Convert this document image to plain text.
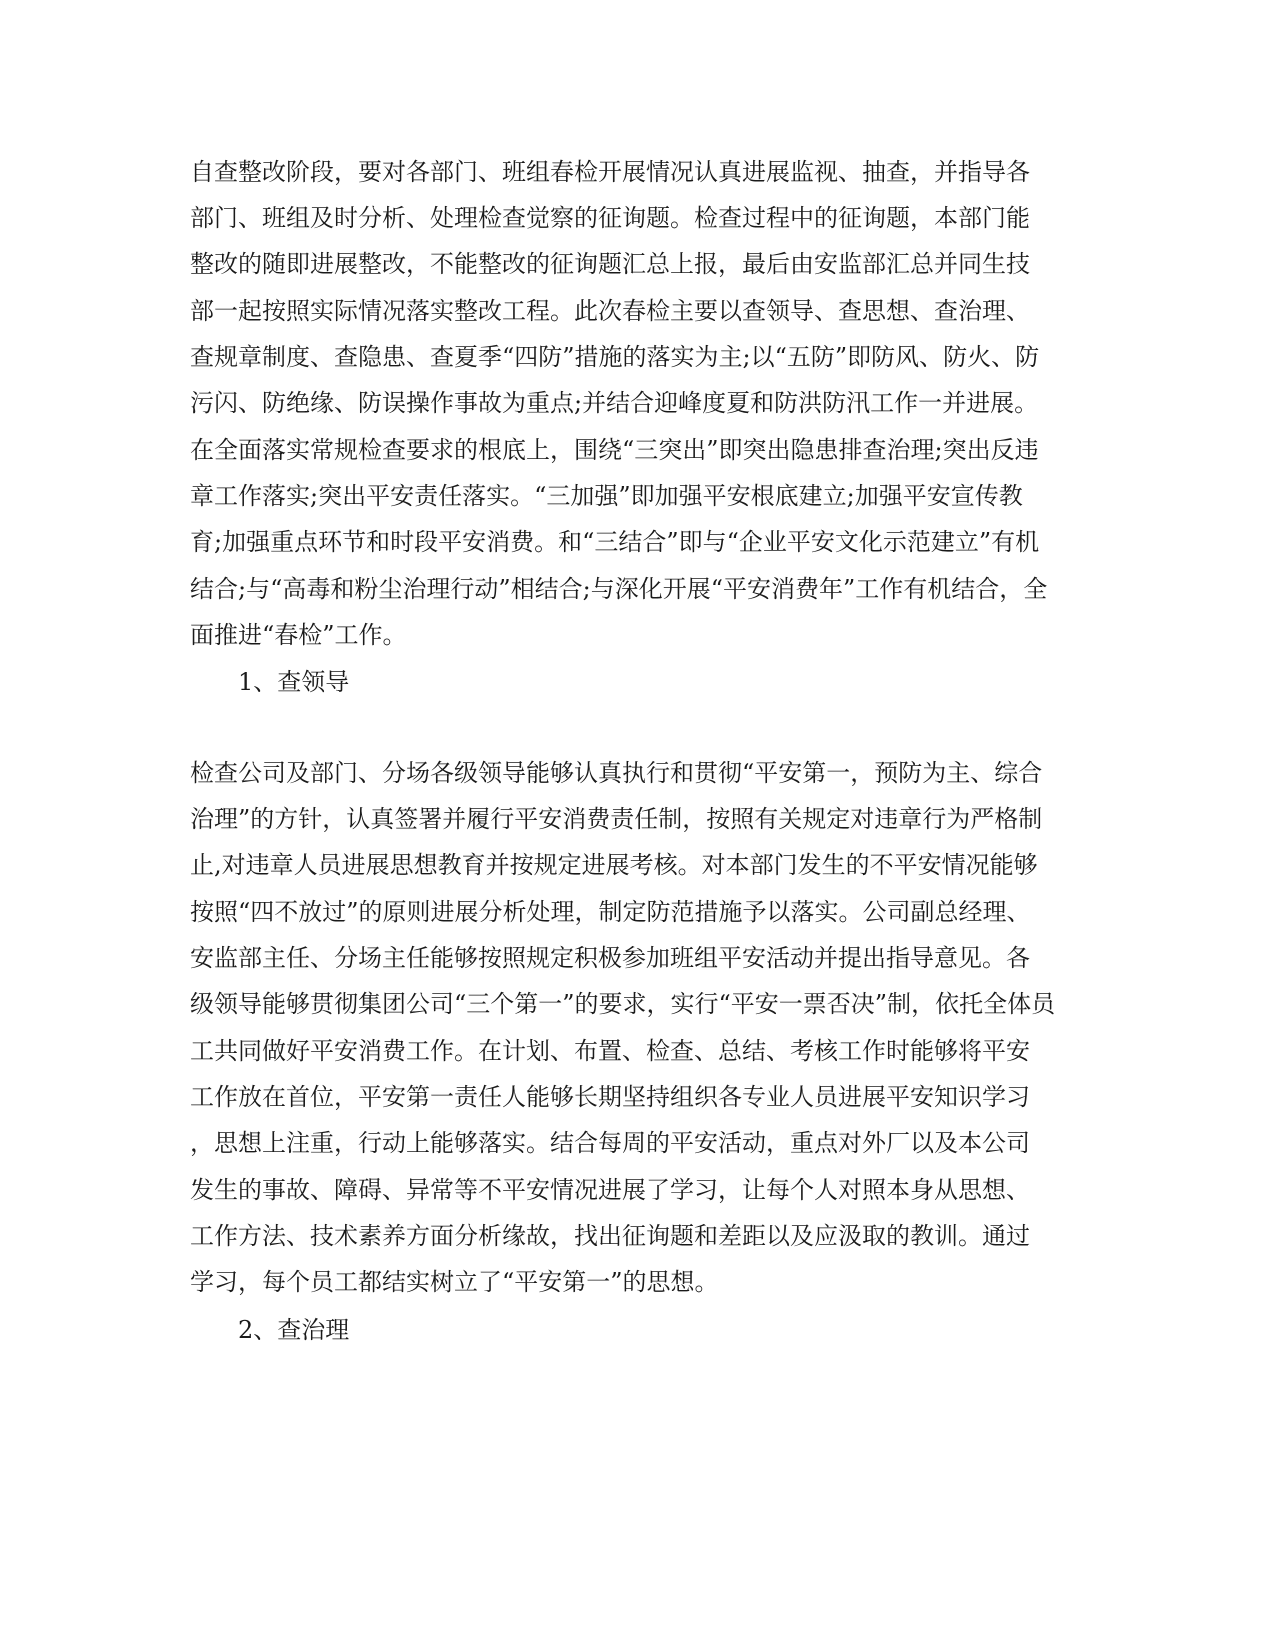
自查整改阶段，要对各部门、班组春检开展情况认真进展监视、抽查，并指导各
部门、班组及时分析、处理检查觉察的征询题。检查过程中的征询题，本部门能
整改的随即进展整改，不能整改的征询题汇总上报，最后由安监部汇总并同生技
部一起按照实际情况落实整改工程。此次春检主要以查领导、查思想、查治理、
查规章制度、查隐患、查夏季“四防”措施的落实为主;以“五防”即防风、防火、防
污闪、防绝缘、防误操作事故为重点;并结合迎峰度夏和防洪防汛工作一并进展。
在全面落实常规检查要求的根底上，围绕“三突出”即突出隐患排查治理;突出反违
章工作落实;突出平安责任落实。“三加强”即加强平安根底建立;加强平安宣传教
育;加强重点环节和时段平安消费。和“三结合”即与“企业平安文化示范建立”有机
结合;与“高毒和粉尘治理行动”相结合;与深化开展“平安消费年”工作有机结合，全
面推进“春检”工作。
1、查领导
检查公司及部门、分场各级领导能够认真执行和贯彻“平安第一，预防为主、综合
治理”的方针，认真签署并履行平安消费责任制，按照有关规定对违章行为严格制
止,对违章人员进展思想教育并按规定进展考核。对本部门发生的不平安情况能够
按照“四不放过”的原则进展分析处理，制定防范措施予以落实。公司副总经理、
安监部主任、分场主任能够按照规定积极参加班组平安活动并提出指导意见。各
级领导能够贯彻集团公司“三个第一”的要求，实行“平安一票否决”制，依托全体员
工共同做好平安消费工作。在计划、布置、检查、总结、考核工作时能够将平安
工作放在首位，平安第一责任人能够长期坚持组织各专业人员进展平安知识学习
，思想上注重，行动上能够落实。结合每周的平安活动，重点对外厂以及本公司
发生的事故、障碍、异常等不平安情况进展了学习，让每个人对照本身从思想、
工作方法、技术素养方面分析缘故，找出征询题和差距以及应汲取的教训。通过
学习，每个员工都结实树立了“平安第一”的思想。
2、查治理
